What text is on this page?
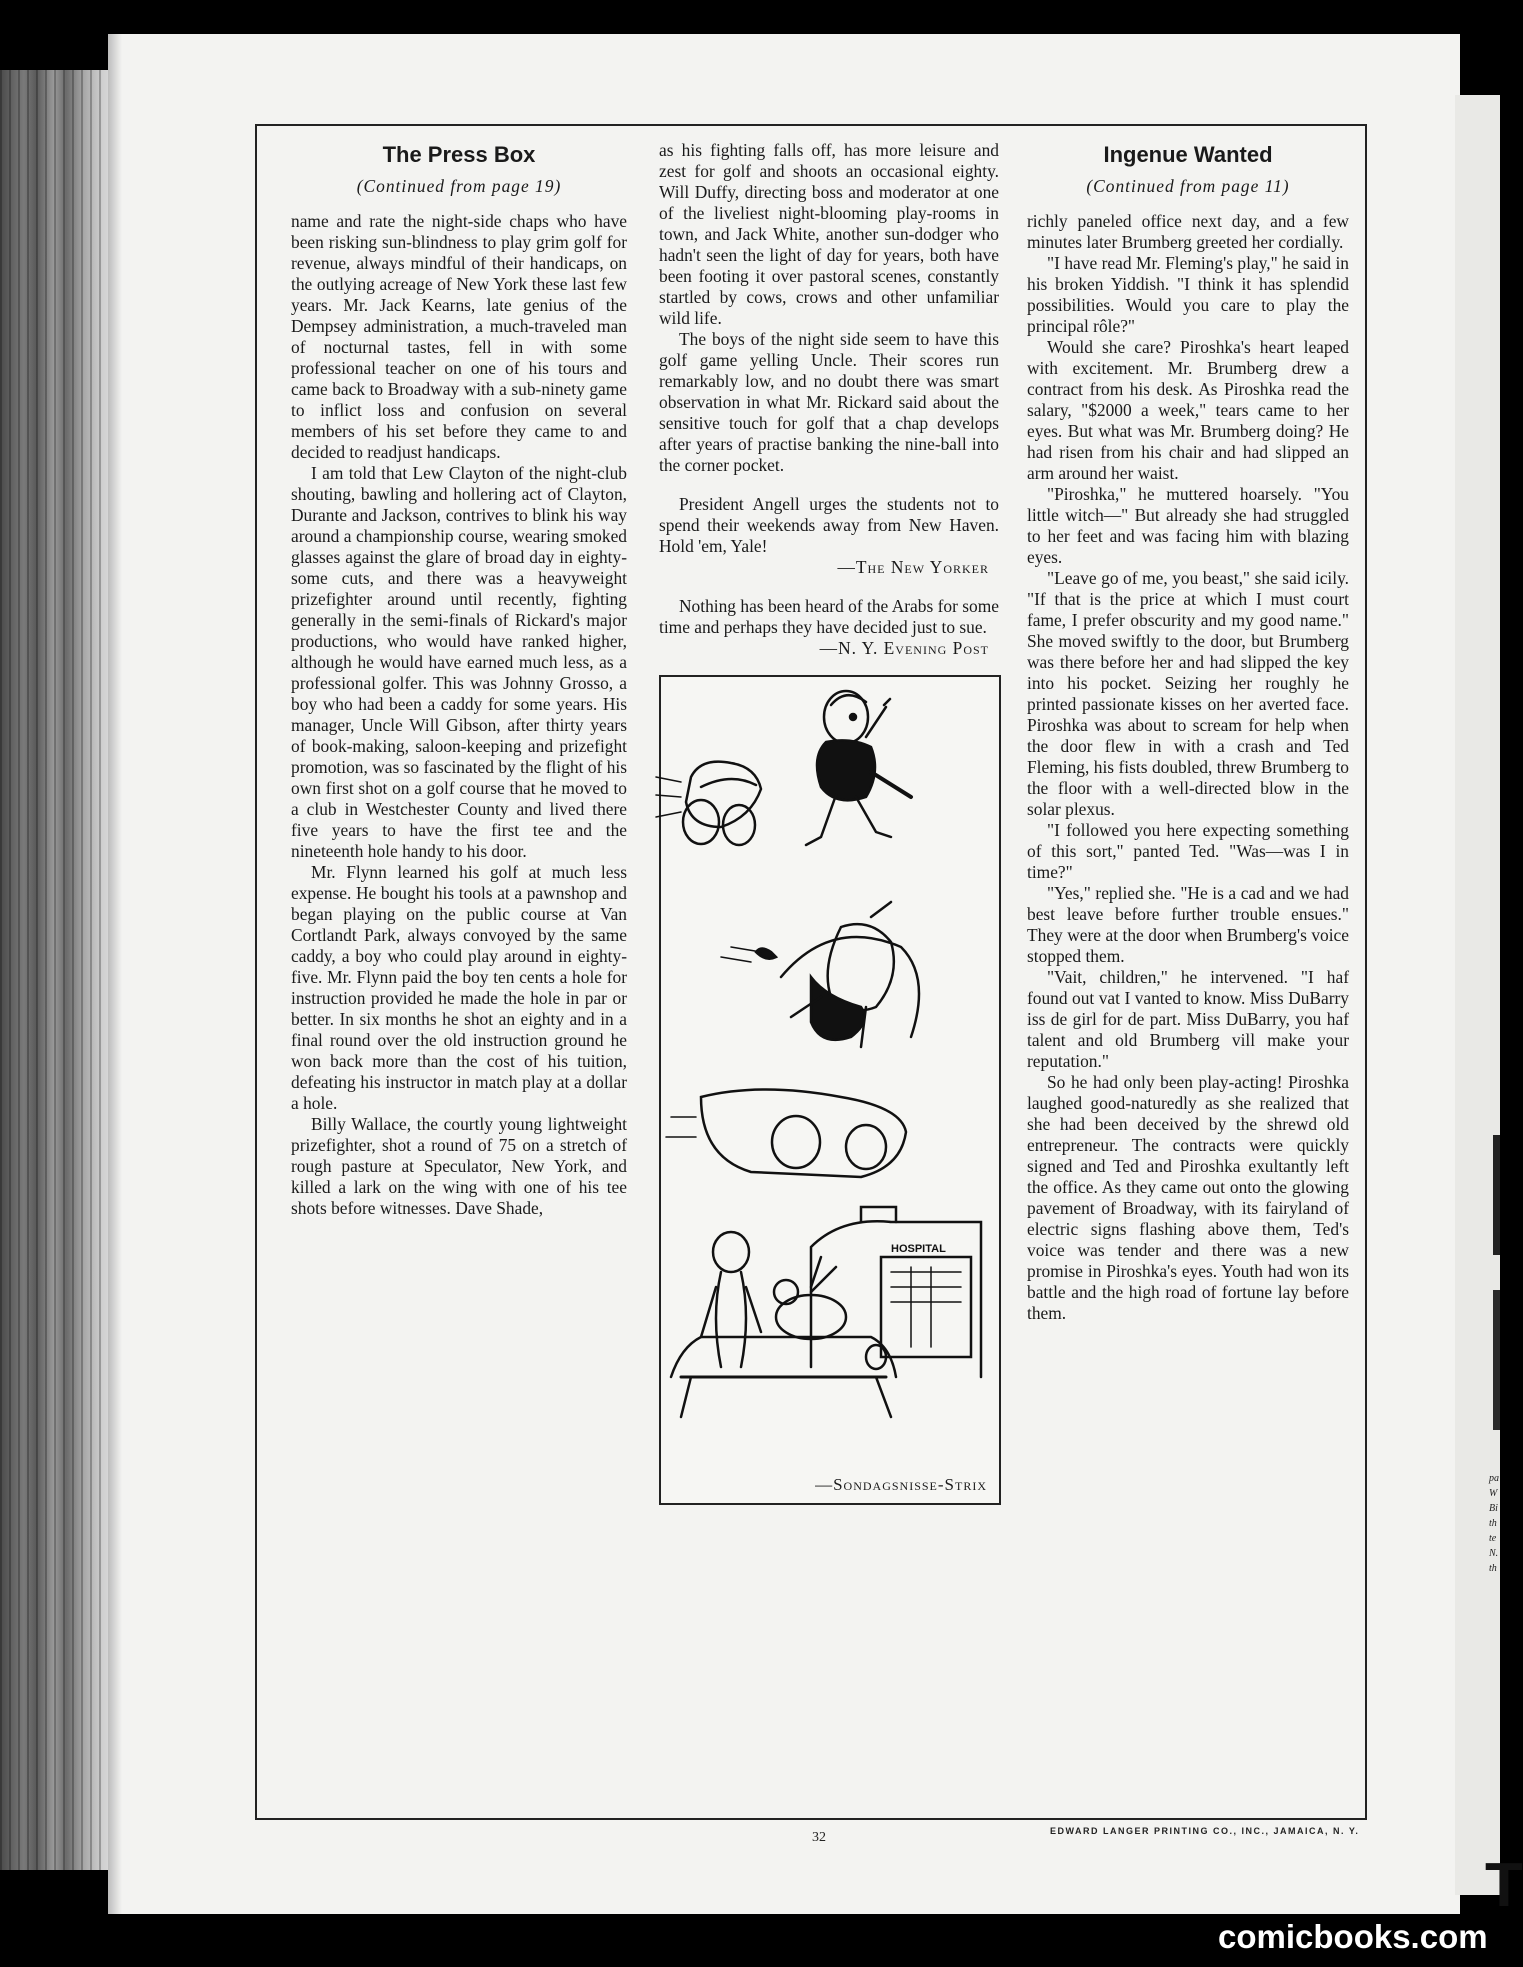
pa
W
Bi
th
te
N.
th
T
The Press Box
(Continued from page 19)

name and rate the night-side chaps who have been risking sun-blindness to play grim golf for revenue, always mindful of their handicaps, on the outlying acreage of New York these last few years. Mr. Jack Kearns, late genius of the Dempsey administration, a much-traveled man of nocturnal tastes, fell in with some professional teacher on one of his tours and came back to Broadway with a sub-ninety game to inflict loss and confusion on several members of his set before they came to and decided to readjust handicaps.

I am told that Lew Clayton of the night-club shouting, bawling and hollering act of Clayton, Durante and Jackson, contrives to blink his way around a championship course, wearing smoked glasses against the glare of broad day in eighty-some cuts, and there was a heavyweight prizefighter around until recently, fighting generally in the semi-finals of Rickard's major productions, who would have ranked higher, although he would have earned much less, as a professional golfer. This was Johnny Grosso, a boy who had been a caddy for some years. His manager, Uncle Will Gibson, after thirty years of book-making, saloon-keeping and prizefight promotion, was so fascinated by the flight of his own first shot on a golf course that he moved to a club in Westchester County and lived there five years to have the first tee and the nineteenth hole handy to his door.

Mr. Flynn learned his golf at much less expense. He bought his tools at a pawnshop and began playing on the public course at Van Cortlandt Park, always convoyed by the same caddy, a boy who could play around in eighty-five. Mr. Flynn paid the boy ten cents a hole for instruction provided he made the hole in par or better. In six months he shot an eighty and in a final round over the old instruction ground he won back more than the cost of his tuition, defeating his instructor in match play at a dollar a hole.

Billy Wallace, the courtly young lightweight prizefighter, shot a round of 75 on a stretch of rough pasture at Speculator, New York, and killed a lark on the wing with one of his tee shots before witnesses. Dave Shade,

as his fighting falls off, has more leisure and zest for golf and shoots an occasional eighty. Will Duffy, directing boss and moderator at one of the liveliest night-blooming play-rooms in town, and Jack White, another sun-dodger who hadn't seen the light of day for years, both have been footing it over pastoral scenes, constantly startled by cows, crows and other unfamiliar wild life.

The boys of the night side seem to have this golf game yelling Uncle. Their scores run remarkably low, and no doubt there was smart observation in what Mr. Rickard said about the sensitive touch for golf that a chap develops after years of practise banking the nine-ball into the corner pocket.

President Angell urges the students not to spend their weekends away from New Haven. Hold 'em, Yale!

—The New Yorker

Nothing has been heard of the Arabs for some time and perhaps they have decided just to sue.

—N. Y. Evening Post
HOSPITAL
—Sondagsnisse-Strix
Ingenue Wanted
(Continued from page 11)

richly paneled office next day, and a few minutes later Brumberg greeted her cordially.

"I have read Mr. Fleming's play," he said in his broken Yiddish. "I think it has splendid possibilities. Would you care to play the principal rôle?"

Would she care? Piroshka's heart leaped with excitement. Mr. Brumberg drew a contract from his desk. As Piroshka read the salary, "$2000 a week," tears came to her eyes. But what was Mr. Brumberg doing? He had risen from his chair and had slipped an arm around her waist.

"Piroshka," he muttered hoarsely. "You little witch—" But already she had struggled to her feet and was facing him with blazing eyes.

"Leave go of me, you beast," she said icily. "If that is the price at which I must court fame, I prefer obscurity and my good name." She moved swiftly to the door, but Brumberg was there before her and had slipped the key into his pocket. Seizing her roughly he printed passionate kisses on her averted face. Piroshka was about to scream for help when the door flew in with a crash and Ted Fleming, his fists doubled, threw Brumberg to the floor with a well-directed blow in the solar plexus.

"I followed you here expecting something of this sort," panted Ted. "Was—was I in time?"

"Yes," replied she. "He is a cad and we had best leave before further trouble ensues." They were at the door when Brumberg's voice stopped them.

"Vait, children," he intervened. "I haf found out vat I vanted to know. Miss DuBarry iss de girl for de part. Miss DuBarry, you haf talent and old Brumberg vill make your reputation."

So he had only been play-acting! Piroshka laughed good-naturedly as she realized that she had been deceived by the shrewd old entrepreneur. The contracts were quickly signed and Ted and Piroshka exultantly left the office. As they came out onto the glowing pavement of Broadway, with its fairyland of electric signs flashing above them, Ted's voice was tender and there was a new promise in Piroshka's eyes. Youth had won its battle and the high road of fortune lay before them.

32	EDWARD LANGER PRINTING CO., INC., JAMAICA, N. Y.
comicbooks.com
